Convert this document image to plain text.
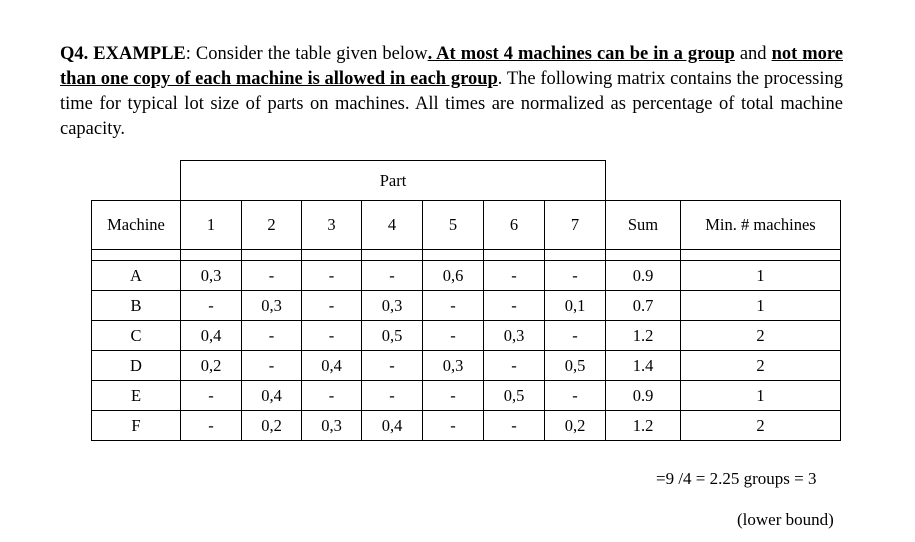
Q4. EXAMPLE: Consider the table given below. At most 4 machines can be in a group and not more than one copy of each machine is allowed in each group. The following matrix contains the processing time for typical lot size of parts on machines. All times are normalized as percentage of total machine capacity.

	Part								
Machine	1	2	3	4	5	6	7	Sum	Min. # machines

A	0,3	-	-	-	0,6	-	-	0.9	1
B	-	0,3	-	0,3	-	-	0,1	0.7	1
C	0,4	-	-	0,5	-	0,3	-	1.2	2
D	0,2	-	0,4	-	0,3	-	0,5	1.4	2
E	-	0,4	-	-	-	0,5	-	0.9	1
F	-	0,2	0,3	0,4	-	-	0,2	1.2	2
=9 /4 = 2.25 groups = 3
(lower bound)
